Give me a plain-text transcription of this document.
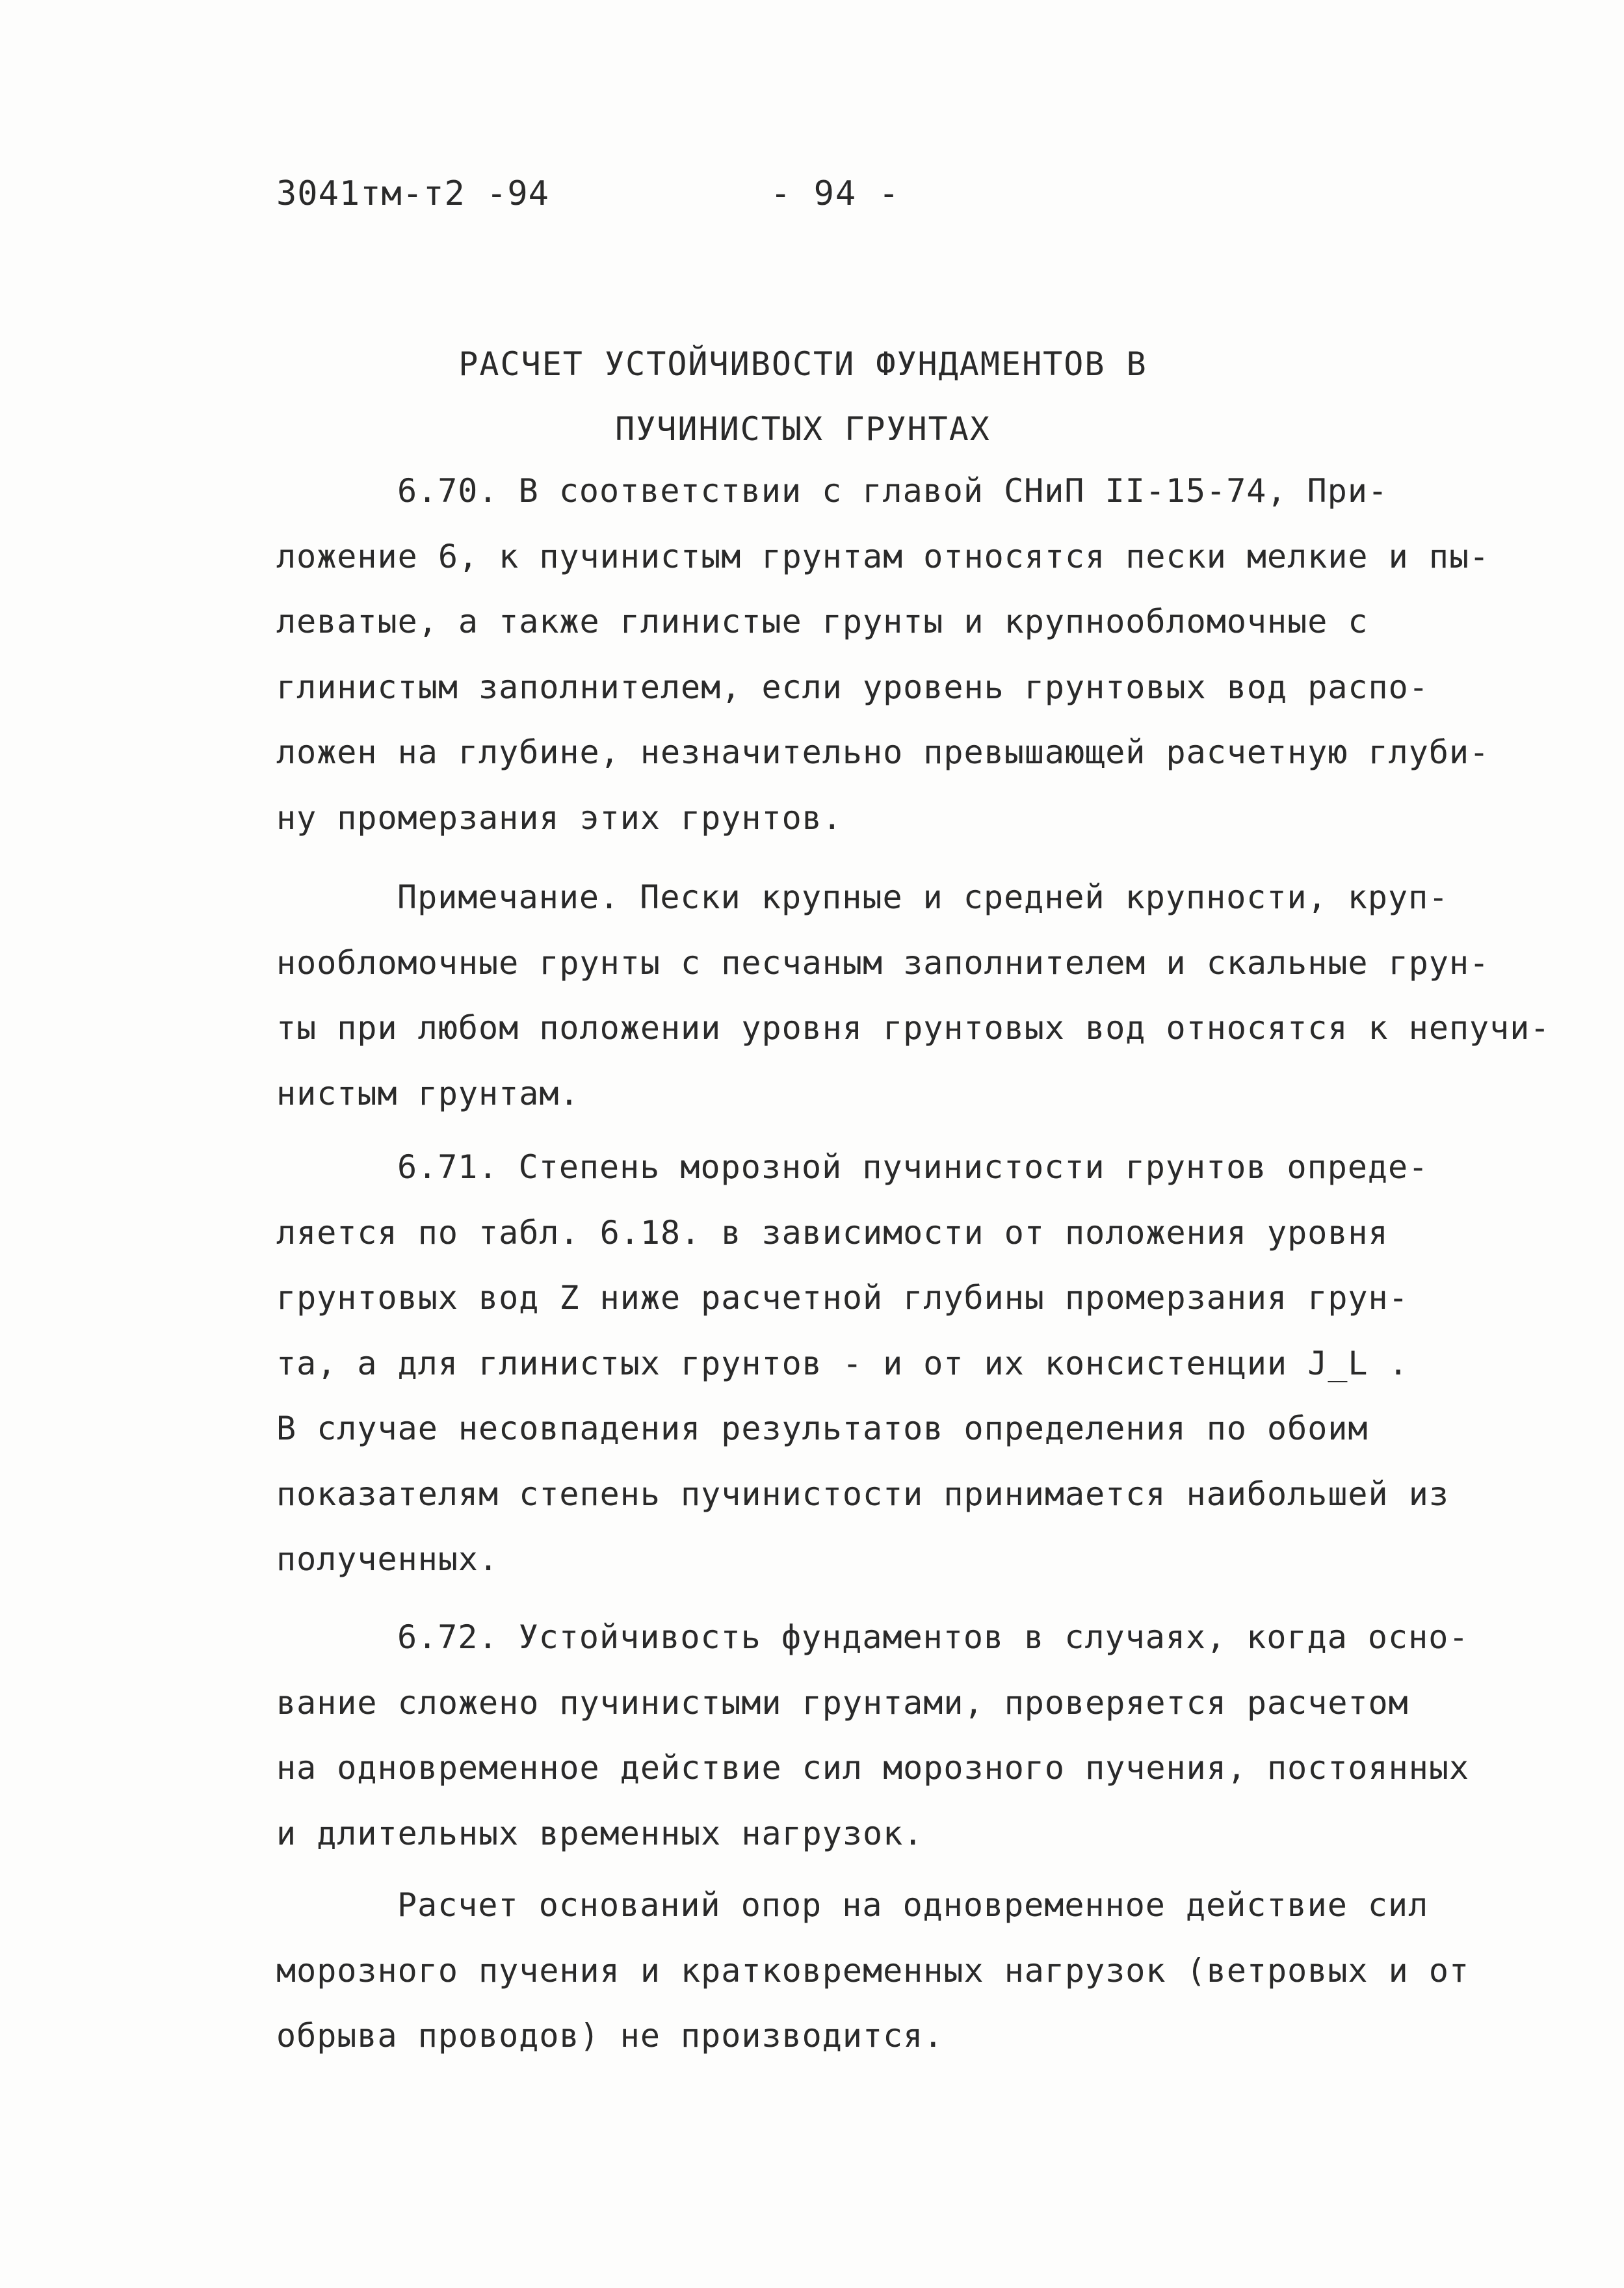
3041тм-т2 -94	- 94 -
РАСЧЕТ УСТОЙЧИВОСТИ ФУНДАМЕНТОВ В
ПУЧИНИСТЫХ ГРУНТАХ
6.70. В соответствии с главой СНиП II-15-74, При-
ложение 6, к пучинистым грунтам относятся пески мелкие и пы-
леватые, а также глинистые грунты и крупнообломочные с
глинистым заполнителем, если уровень грунтовых вод распо-
ложен на глубине, незначительно превышающей расчетную глуби-
ну промерзания этих грунтов.
Примечание. Пески крупные и средней крупности, круп-
нообломочные грунты с песчаным заполнителем и скальные грун-
ты при любом положении уровня грунтовых вод относятся к непучи-
нистым грунтам.
6.71. Степень морозной пучинистости грунтов опреде-
ляется по табл. 6.18. в зависимости от положения уровня
грунтовых вод Z ниже расчетной глубины промерзания грун-
та, а для глинистых грунтов - и от их консистенции J_L .
В случае несовпадения результатов определения по обоим
показателям степень пучинистости принимается наибольшей из
полученных.
6.72. Устойчивость фундаментов в случаях, когда осно-
вание сложено пучинистыми грунтами, проверяется расчетом
на одновременное действие сил морозного пучения, постоянных
и длительных временных нагрузок.
Расчет оснований опор на одновременное действие сил
морозного пучения и кратковременных нагрузок (ветровых и от
обрыва проводов) не производится.
